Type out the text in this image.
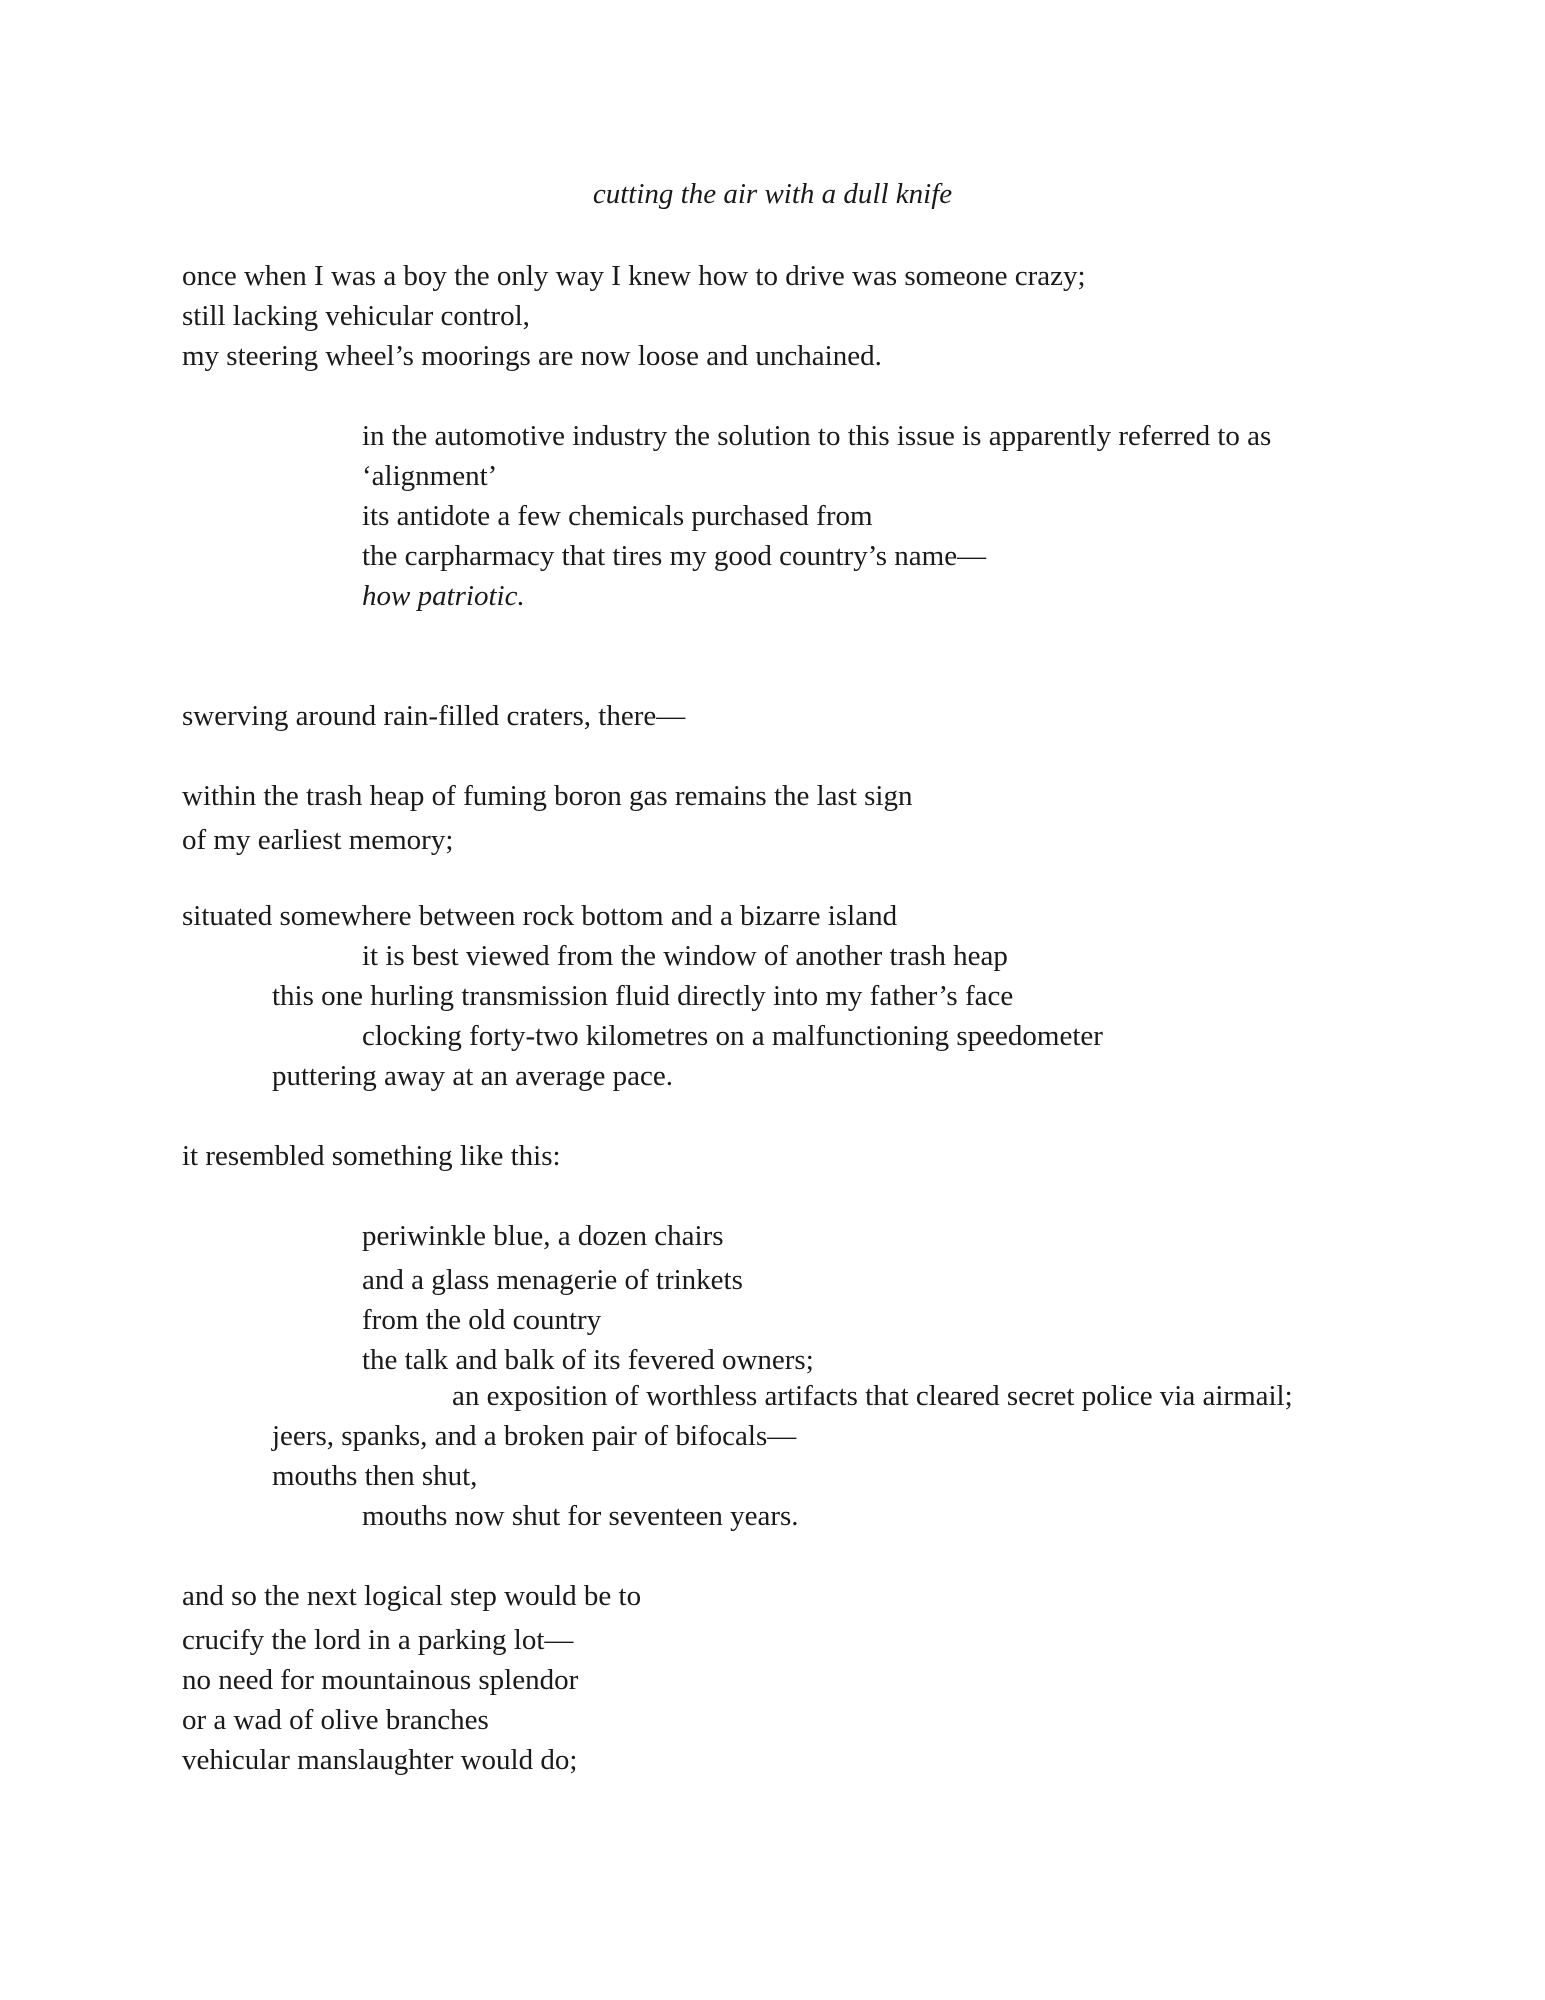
cutting the air with a dull knife
once when I was a boy the only way I knew how to drive was someone crazy;
still lacking vehicular control,
my steering wheel’s moorings are now loose and unchained.
in the automotive industry the solution to this issue is apparently referred to as
‘alignment’
its antidote a few chemicals purchased from
the carpharmacy that tires my good country’s name—
how patriotic.
swerving around rain-filled craters, there—
within the trash heap of fuming boron gas remains the last sign
of my earliest memory;
situated somewhere between rock bottom and a bizarre island
it is best viewed from the window of another trash heap
this one hurling transmission fluid directly into my father’s face
clocking forty-two kilometres on a malfunctioning speedometer
puttering away at an average pace.
it resembled something like this:
periwinkle blue, a dozen chairs
and a glass menagerie of trinkets
from the old country
the talk and balk of its fevered owners;
an exposition of worthless artifacts that cleared secret police via airmail;
jeers, spanks, and a broken pair of bifocals—
mouths then shut,
mouths now shut for seventeen years.
and so the next logical step would be to
crucify the lord in a parking lot—
no need for mountainous splendor
or a wad of olive branches
vehicular manslaughter would do;
